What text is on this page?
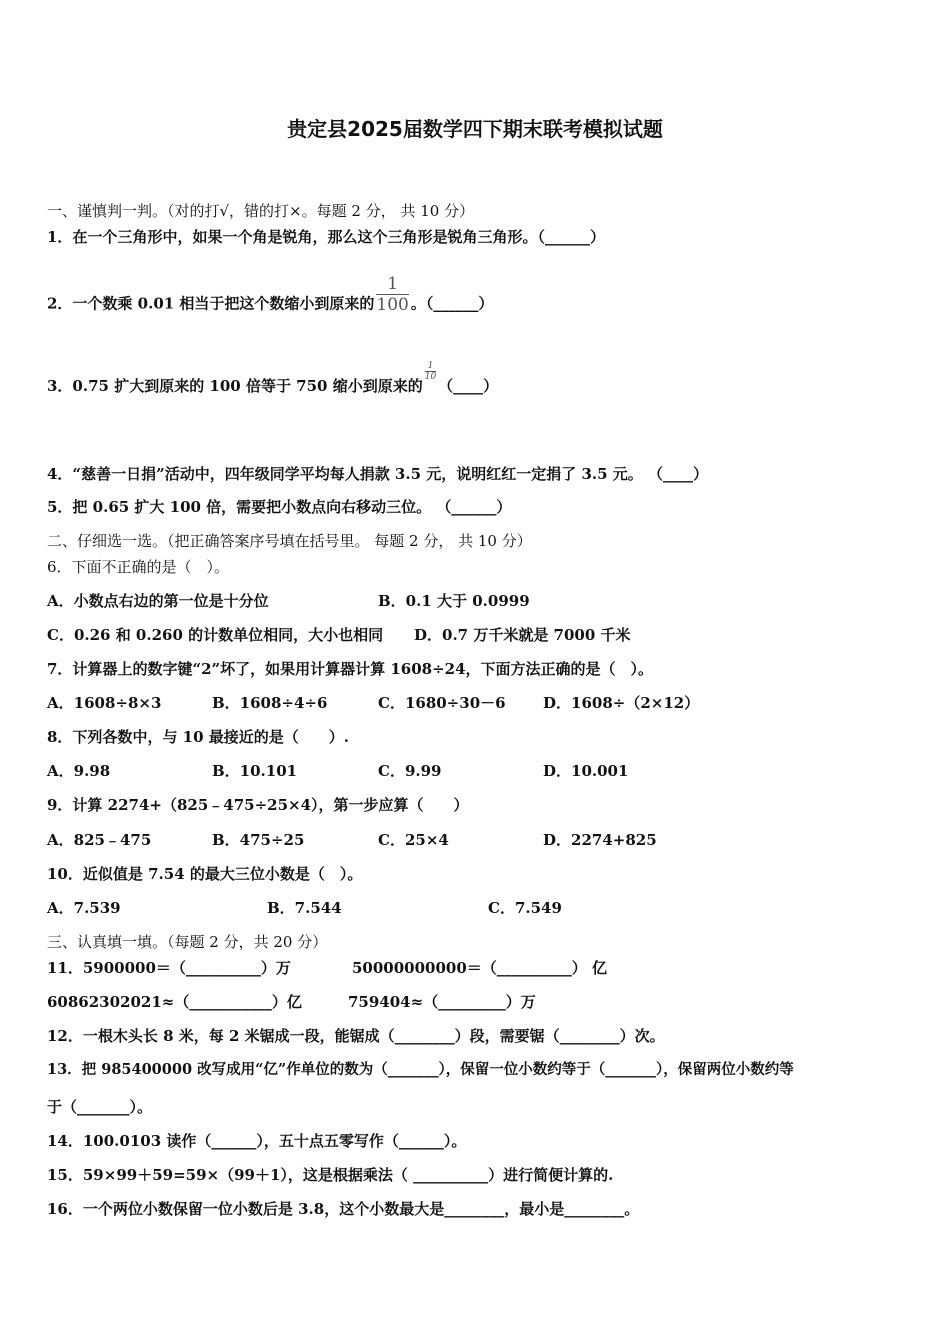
贵定县2025届数学四下期末联考模拟试题
一、谨慎判一判。（对的打√，错的打×。每题 2 分， 共 10 分）
1．在一个三角形中，如果一个角是锐角，那么这个三角形是锐角三角形。（______）
2．一个数乘 0.01 相当于把这个数缩小到原来的 $\frac{1}{100}$ 。（______）
3．0.75 扩大到原来的 100 倍等于 750 缩小到原来的
$\frac{1}{10}$
（____）
4．“慈善一日捐”活动中，四年级同学平均每人捐款 3.5 元，说明红红一定捐了 3.5 元。 （____）
5．把 0.65 扩大 100 倍，需要把小数点向右移动三位。 （______）
二、仔细选一选。（把正确答案序号填在括号里。 每题 2 分， 共 10 分）
6．下面不正确的是（　）。
A．小数点右边的第一位是十分位	B．0.1 大于 0.0999
C．0.26 和 0.260 的计数单位相同，大小也相同 D．0.7 万千米就是 7000 千米
7．计算器上的数字键“2”坏了，如果用计算器计算 1608÷24，下面方法正确的是（　）。
A．1608÷8×3	B．1608÷4÷6	C．1680÷30－6 D．1608÷（2×12）
8．下列各数中，与 10 最接近的是（　　）.
A．9.98	B．10.101	C．9.99	D．10.001
9．计算 2274+（825﹣475÷25×4），第一步应算（　　）
A．825﹣475	B．475÷25	C．25×4	D．2274+825
10．近似值是 7.54 的最大三位小数是（　）。
A．7.539	B．7.544	C．7.549
三、认真填一填。（每题 2 分，共 20 分）
11．5900000＝（__________）万	50000000000＝（__________） 亿
60862302021≈（___________）亿	759404≈（_________）万
12．一根木头长 8 米，每 2 米锯成一段，能锯成（________）段，需要锯（________）次。
13．把 985400000 改写成用“亿”作单位的数为（_______），保留一位小数约等于（_______），保留两位小数约等
于（_______）。
14．100.0103 读作（______），五十点五零写作（______）。
15．59×99＋59=59×（99＋1），这是根据乘法（ __________）进行简便计算的.
16．一个两位小数保留一位小数后是 3.8，这个小数最大是________，最小是________。
